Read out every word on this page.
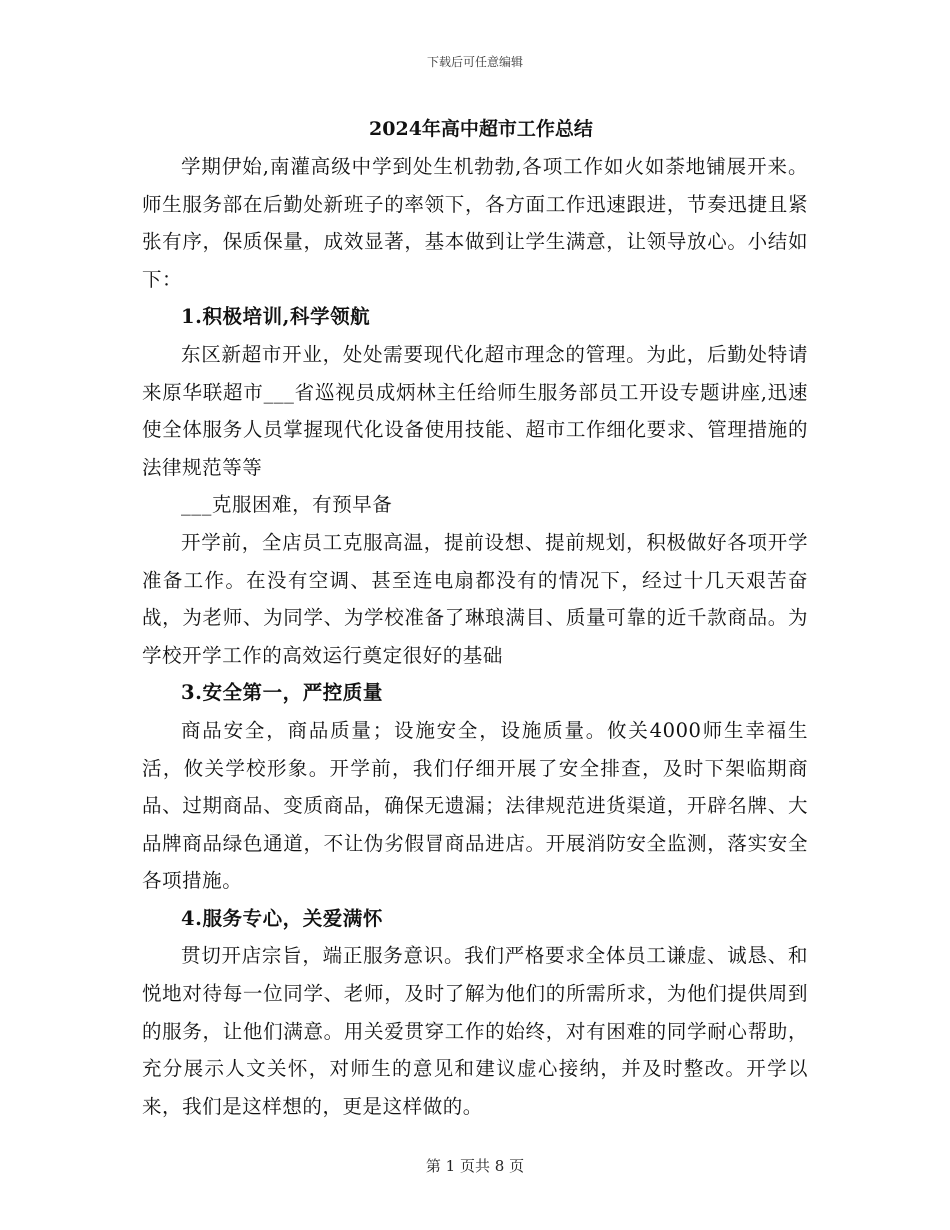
下载后可任意编辑

2024年高中超市工作总结

学期伊始,南灌高级中学到处生机勃勃,各项工作如火如荼地铺展开来。师生服务部在后勤处新班子的率领下，各方面工作迅速跟进，节奏迅捷且紧张有序，保质保量，成效显著，基本做到让学生满意，让领导放心。小结如下：

1.积极培训,科学领航

东区新超市开业，处处需要现代化超市理念的管理。为此，后勤处特请来原华联超市___省巡视员成炳林主任给师生服务部员工开设专题讲座,迅速使全体服务人员掌握现代化设备使用技能、超市工作细化要求、管理措施的法律规范等等

___克服困难，有预早备

开学前，全店员工克服高温，提前设想、提前规划，积极做好各项开学准备工作。在没有空调、甚至连电扇都没有的情况下，经过十几天艰苦奋战，为老师、为同学、为学校准备了琳琅满目、质量可靠的近千款商品。为学校开学工作的高效运行奠定很好的基础

3.安全第一，严控质量

商品安全，商品质量；设施安全，设施质量。攸关4000师生幸福生活，攸关学校形象。开学前，我们仔细开展了安全排查，及时下架临期商品、过期商品、变质商品，确保无遗漏；法律规范进货渠道，开辟名牌、大品牌商品绿色通道，不让伪劣假冒商品进店。开展消防安全监测，落实安全各项措施。

4.服务专心，关爱满怀

贯切开店宗旨，端正服务意识。我们严格要求全体员工谦虚、诚恳、和悦地对待每一位同学、老师，及时了解为他们的所需所求，为他们提供周到的服务，让他们满意。用关爱贯穿工作的始终，对有困难的同学耐心帮助，充分展示人文关怀，对师生的意见和建议虚心接纳，并及时整改。开学以来，我们是这样想的，更是这样做的。

第 1 页共 8 页
